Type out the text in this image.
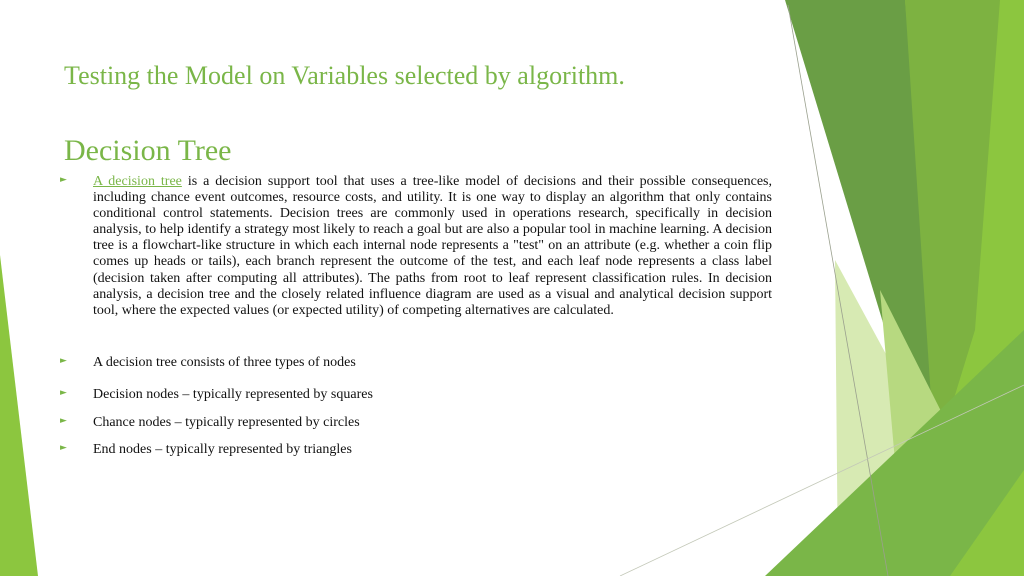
Testing the Model on Variables selected by algorithm.
Decision Tree
► A decision tree is a decision support tool that uses a tree-like model of decisions and their possible consequences, including chance event outcomes, resource costs, and utility. It is one way to display an algorithm that only contains conditional control statements. Decision trees are commonly used in operations research, specifically in decision analysis, to help identify a strategy most likely to reach a goal but are also a popular tool in machine learning. A decision tree is a flowchart-like structure in which each internal node represents a "test" on an attribute (e.g. whether a coin flip comes up heads or tails), each branch represent the outcome of the test, and each leaf node represents a class label (decision taken after computing all attributes). The paths from root to leaf represent classification rules. In decision analysis, a decision tree and the closely related influence diagram are used as a visual and analytical decision support tool, where the expected values (or expected utility) of competing alternatives are calculated.
► A decision tree consists of three types of nodes
► Decision nodes – typically represented by squares
► Chance nodes – typically represented by circles
► End nodes – typically represented by triangles
